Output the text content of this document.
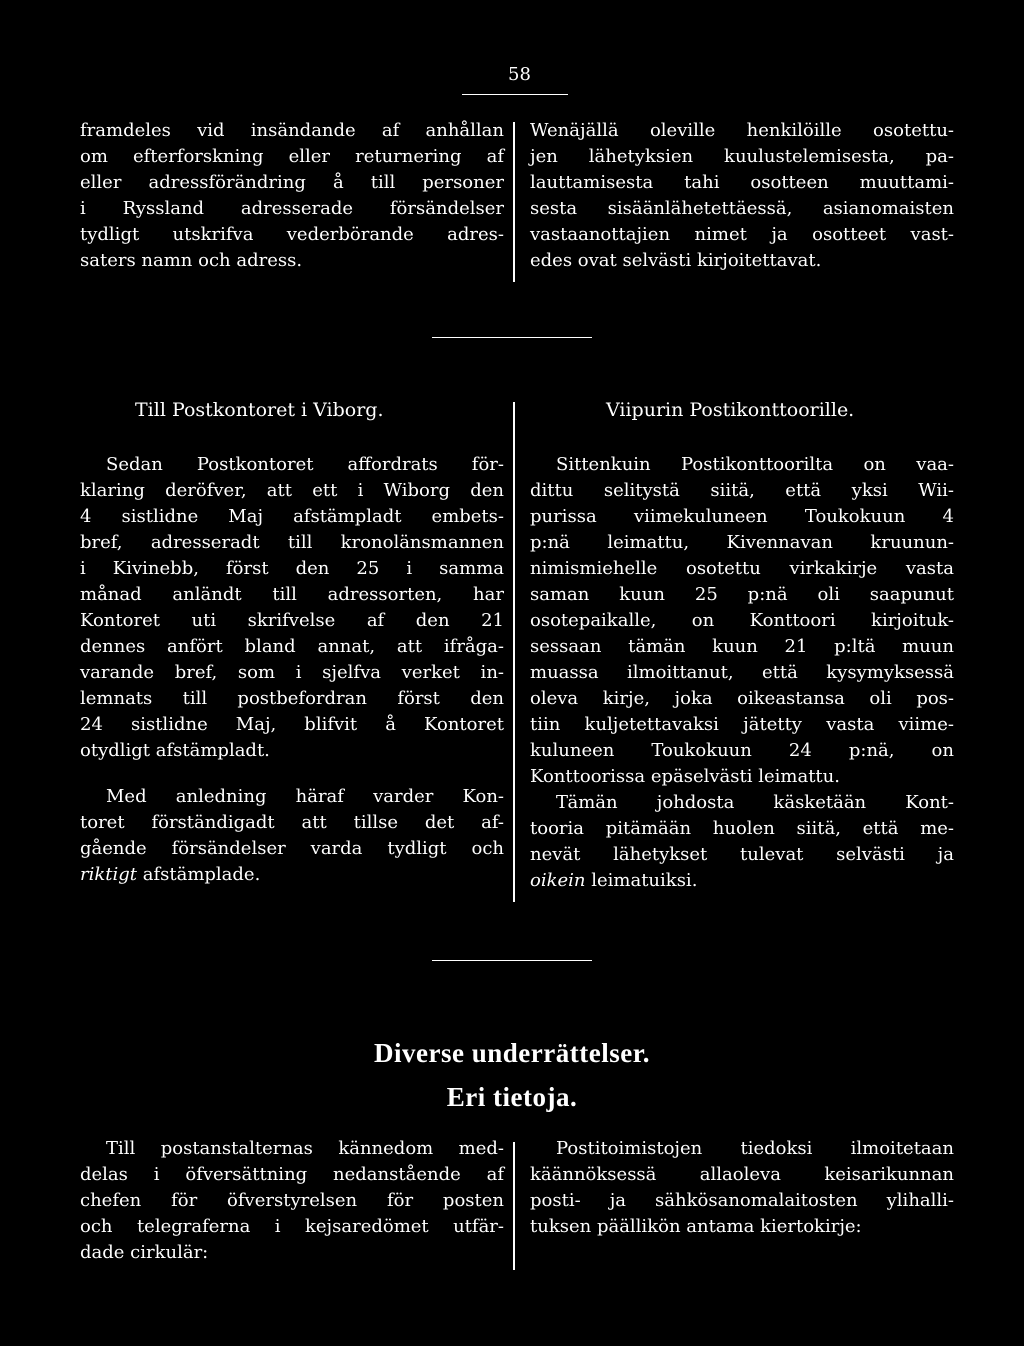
58

framdeles vid insändande af anhållan

om efterforskning eller returnering af

eller adressförändring å till personer

i Ryssland adresserade försändelser

tydligt utskrifva vederbörande adres-

saters namn och adress.

Wenäjällä oleville henkilöille osotettu-

jen lähetyksien kuulustelemisesta, pa-

lauttamisesta tahi osotteen muuttami-

sesta sisäänlähetettäessä, asianomaisten

vastaanottajien nimet ja osotteet vast-

edes ovat selvästi kirjoitettavat.

Till Postkontoret i Viborg.	Viipurin Postikonttoorille.

Sedan Postkontoret affordrats för-

klaring deröfver, att ett i Wiborg den

4 sistlidne Maj afstämpladt embets-

bref, adresseradt till kronolänsmannen

i Kivinebb, först den 25 i samma

månad anländt till adressorten, har

Kontoret uti skrifvelse af den 21

dennes anfört bland annat, att ifråga-

varande bref, som i sjelfva verket in-

lemnats till postbefordran först den

24 sistlidne Maj, blifvit å Kontoret

otydligt afstämpladt.

Med anledning häraf varder Kon-

toret förständigadt att tillse det af-

gående försändelser varda tydligt och

riktigt afstämplade.

Sittenkuin Postikonttoorilta on vaa-

dittu selitystä siitä, että yksi Wii-

purissa viimekuluneen Toukokuun 4

p:nä leimattu, Kivennavan kruunun-

nimismiehelle osotettu virkakirje vasta

saman kuun 25 p:nä oli saapunut

osotepaikalle, on Konttoori kirjoituk-

sessaan tämän kuun 21 p:ltä muun

muassa ilmoittanut, että kysymyksessä

oleva kirje, joka oikeastansa oli pos-

tiin kuljetettavaksi jätetty vasta viime-

kuluneen Toukokuun 24 p:nä, on

Konttoorissa epäselvästi leimattu.

Tämän johdosta käsketään Kont-

tooria pitämään huolen siitä, että me-

nevät lähetykset tulevat selvästi ja

oikein leimatuiksi.

Diverse underrättelser.
Eri tietoja.

Till postanstalternas kännedom med-

delas i öfversättning nedanstående af

chefen för öfverstyrelsen för posten

och telegraferna i kejsaredömet utfär-

dade cirkulär:

Postitoimistojen tiedoksi ilmoitetaan

käännöksessä allaoleva keisarikunnan

posti- ja sähkösanomalaitosten ylihalli-

tuksen päällikön antama kiertokirje:
